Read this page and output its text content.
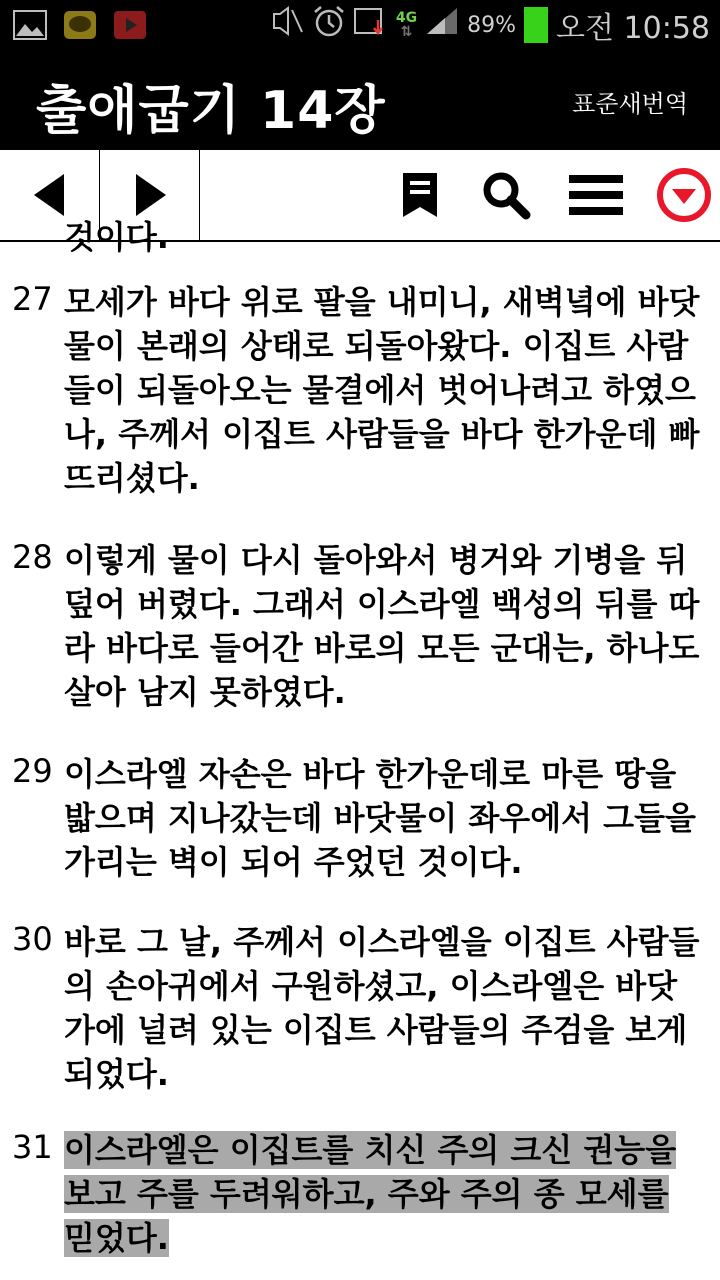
4G
⇅ 89% 오전 10:58
출애굽기 14장	표준새번역
것이다.
27 모세가 바다 위로 팔을 내미니, 새벽녘에 바닷물이 본래의 상태로 되돌아왔다. 이집트 사람들이 되돌아오는 물결에서 벗어나려고 하였으나, 주께서 이집트 사람들을 바다 한가운데 빠뜨리셨다.
28 이렇게 물이 다시 돌아와서 병거와 기병을 뒤덮어 버렸다. 그래서 이스라엘 백성의 뒤를 따라 바다로 들어간 바로의 모든 군대는, 하나도 살아 남지 못하였다.
29 이스라엘 자손은 바다 한가운데로 마른 땅을 밟으며 지나갔는데 바닷물이 좌우에서 그들을 가리는 벽이 되어 주었던 것이다.
30 바로 그 날, 주께서 이스라엘을 이집트 사람들의 손아귀에서 구원하셨고, 이스라엘은 바닷가에 널려 있는 이집트 사람들의 주검을 보게 되었다.
31 이스라엘은 이집트를 치신 주의 크신 권능을 보고 주를 두려워하고, 주와 주의 종 모세를 믿었다.
